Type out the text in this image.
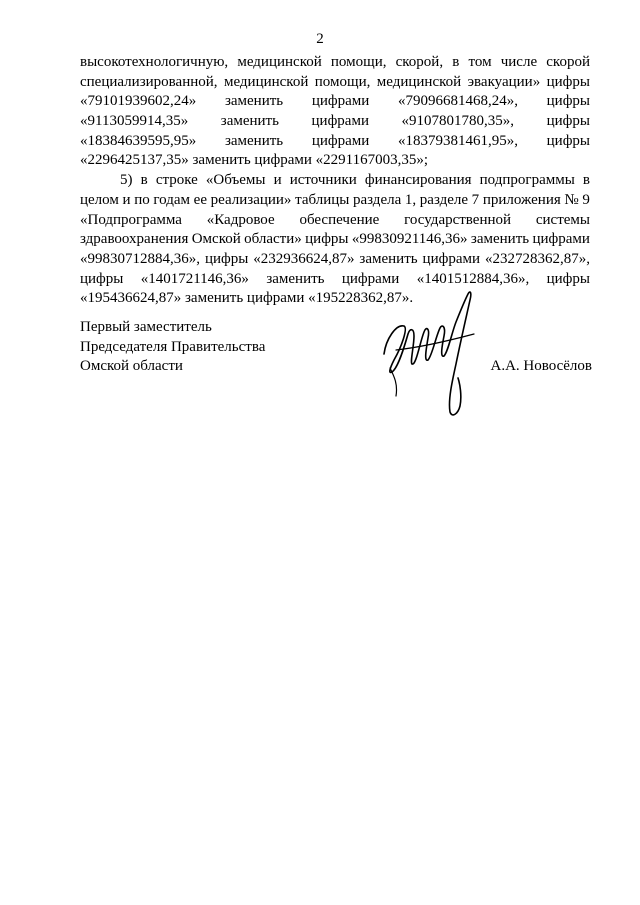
2
высокотехнологичную, медицинской помощи, скорой, в том числе скорой
специализированной, медицинской помощи, медицинской эвакуации» цифры
«79101939602,24» заменить цифрами «79096681468,24», цифры
«9113059914,35» заменить цифрами «9107801780,35», цифры
«18384639595,95» заменить цифрами «18379381461,95», цифры
«2296425137,35» заменить цифрами «2291167003,35»;
5) в строке «Объемы и источники финансирования подпрограммы в
целом и по годам ее реализации» таблицы раздела 1, разделе 7 приложения № 9
«Подпрограмма «Кадровое обеспечение государственной системы
здравоохранения Омской области» цифры «99830921146,36» заменить цифрами
«99830712884,36», цифры «232936624,87» заменить цифрами «232728362,87»,
цифры «1401721146,36» заменить цифрами «1401512884,36», цифры
«195436624,87» заменить цифрами «195228362,87».
Первый заместитель
Председателя Правительства
Омской области	А.А. Новосёлов
